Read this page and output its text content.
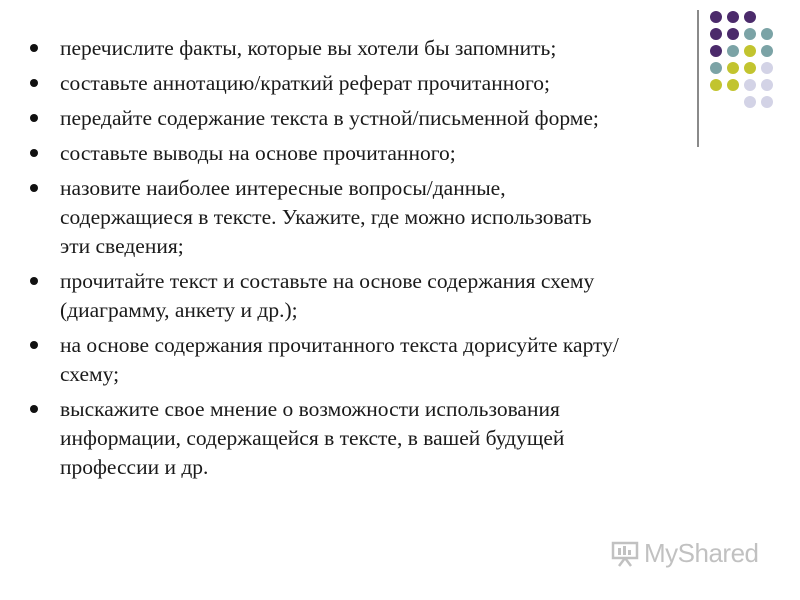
перечислите факты, которые вы хотели бы запомнить;
составьте аннотацию/краткий реферат прочитанного;
передайте содержание текста в устной/письменной форме;
составьте выводы на основе прочитанного;
назовите наиболее интересные вопросы/данные,
содержащиеся в тексте. Укажите, где можно использовать
эти сведения;
прочитайте текст и составьте на основе содержания схему
(диаграмму, анкету и др.);
на основе содержания прочитанного текста дорисуйте карту/
схему;
выскажите свое мнение о возможности использования
информации, содержащейся в тексте, в вашей будущей
профессии и др.
MyShared
